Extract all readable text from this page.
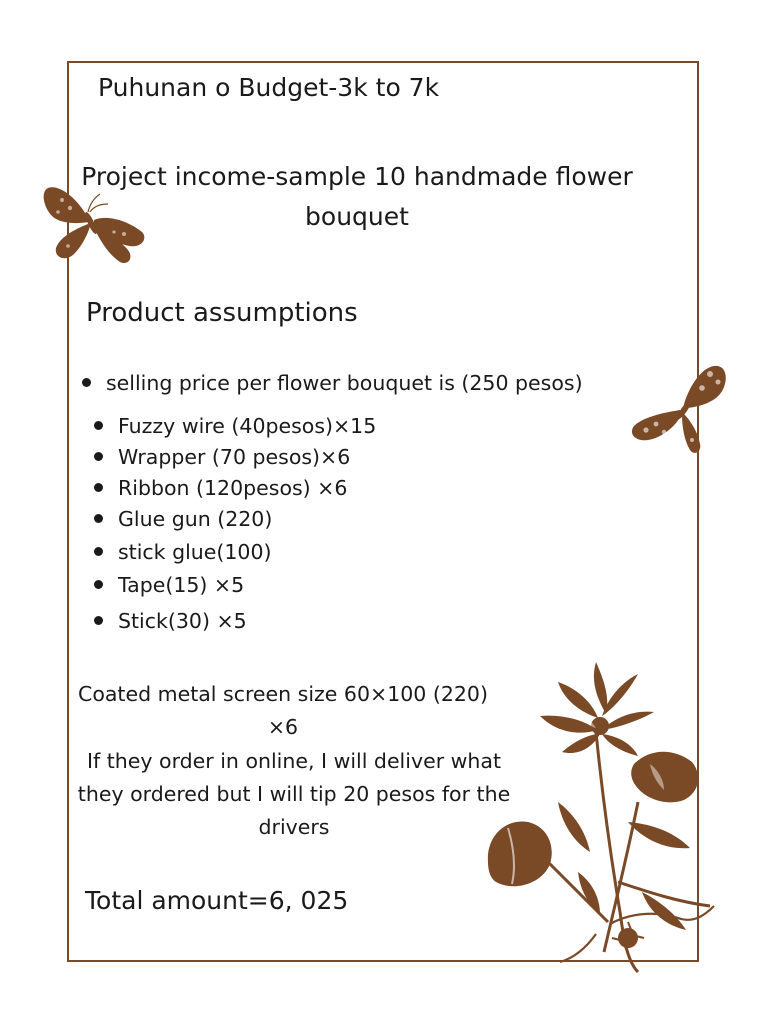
Puhunan o Budget-3k to 7k
Project income-sample 10 handmade flower bouquet
Product assumptions
selling price per flower bouquet is (250 pesos)
Fuzzy wire (40pesos)×15
Wrapper (70 pesos)×6
Ribbon (120pesos) ×6
Glue gun (220)
stick glue(100)
Tape(15) ×5
Stick(30) ×5
Coated metal screen size 60×100 (220) ×6
If they order in online, I will deliver what they ordered but I will tip 20 pesos for the drivers
Total amount=6, 025
